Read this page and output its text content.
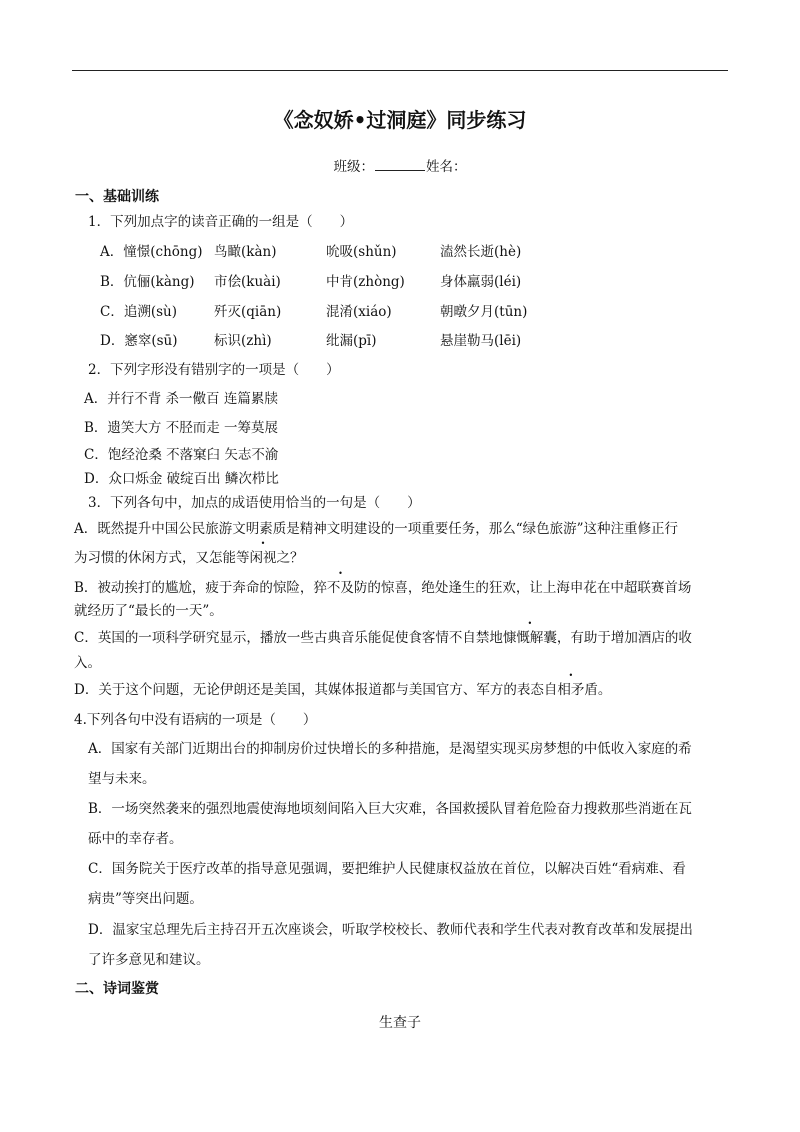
《念奴娇•过洞庭》同步练习
班级：	姓名：
一、基础训练
1．下列加点字的读音正确的一组是（　　）
A．憧憬(chōng) 鸟瞰(kàn)	吮吸(shǔn)	溘然长逝(hè)
B．伉俪(kàng) 市侩(kuài)	中肯(zhòng)	身体羸弱(léi)
C．追溯(sù)	歼灭(qiān)	混淆(xiáo)	朝暾夕月(tūn)
D．窸窣(sū)	标识(zhì)	纰漏(pī)	悬崖勒马(lēi)
2．下列字形没有错别字的一项是（　　）
A．并行不背 杀一儆百 连篇累牍
B．遗笑大方 不胫而走 一筹莫展
C．饱经沧桑 不落窠臼 矢志不渝
D．众口烁金 破绽百出 鳞次栉比
3．下列各句中，加点的成语使用恰当的一句是（　　）
A．既然提升中国公民旅游文明素质是精神文明建设的一项重要任务，那么“绿色旅游”这种注重修正行
为习惯的休闲方式，又怎能等闲视之？
B．被动挨打的尴尬，疲于奔命的惊险，猝不及防的惊喜，绝处逢生的狂欢，让上海申花在中超联赛首场
就经历了“最长的一天”。
C．英国的一项科学研究显示，播放一些古典音乐能促使食客情不自禁地慷慨解囊，有助于增加酒店的收
入。
D．关于这个问题，无论伊朗还是美国，其媒体报道都与美国官方、军方的表态自相矛盾。
4.下列各句中没有语病的一项是（　　）
A．国家有关部门近期出台的抑制房价过快增长的多种措施，是渴望实现买房梦想的中低收入家庭的希
望与未来。
B．一场突然袭来的强烈地震使海地顷刻间陷入巨大灾难，各国救援队冒着危险奋力搜救那些消逝在瓦
砾中的幸存者。
C．国务院关于医疗改革的指导意见强调，要把维护人民健康权益放在首位，以解决百姓“看病难、看
病贵”等突出问题。
D．温家宝总理先后主持召开五次座谈会，听取学校校长、教师代表和学生代表对教育改革和发展提出
了许多意见和建议。
二、诗词鉴赏
生查子
